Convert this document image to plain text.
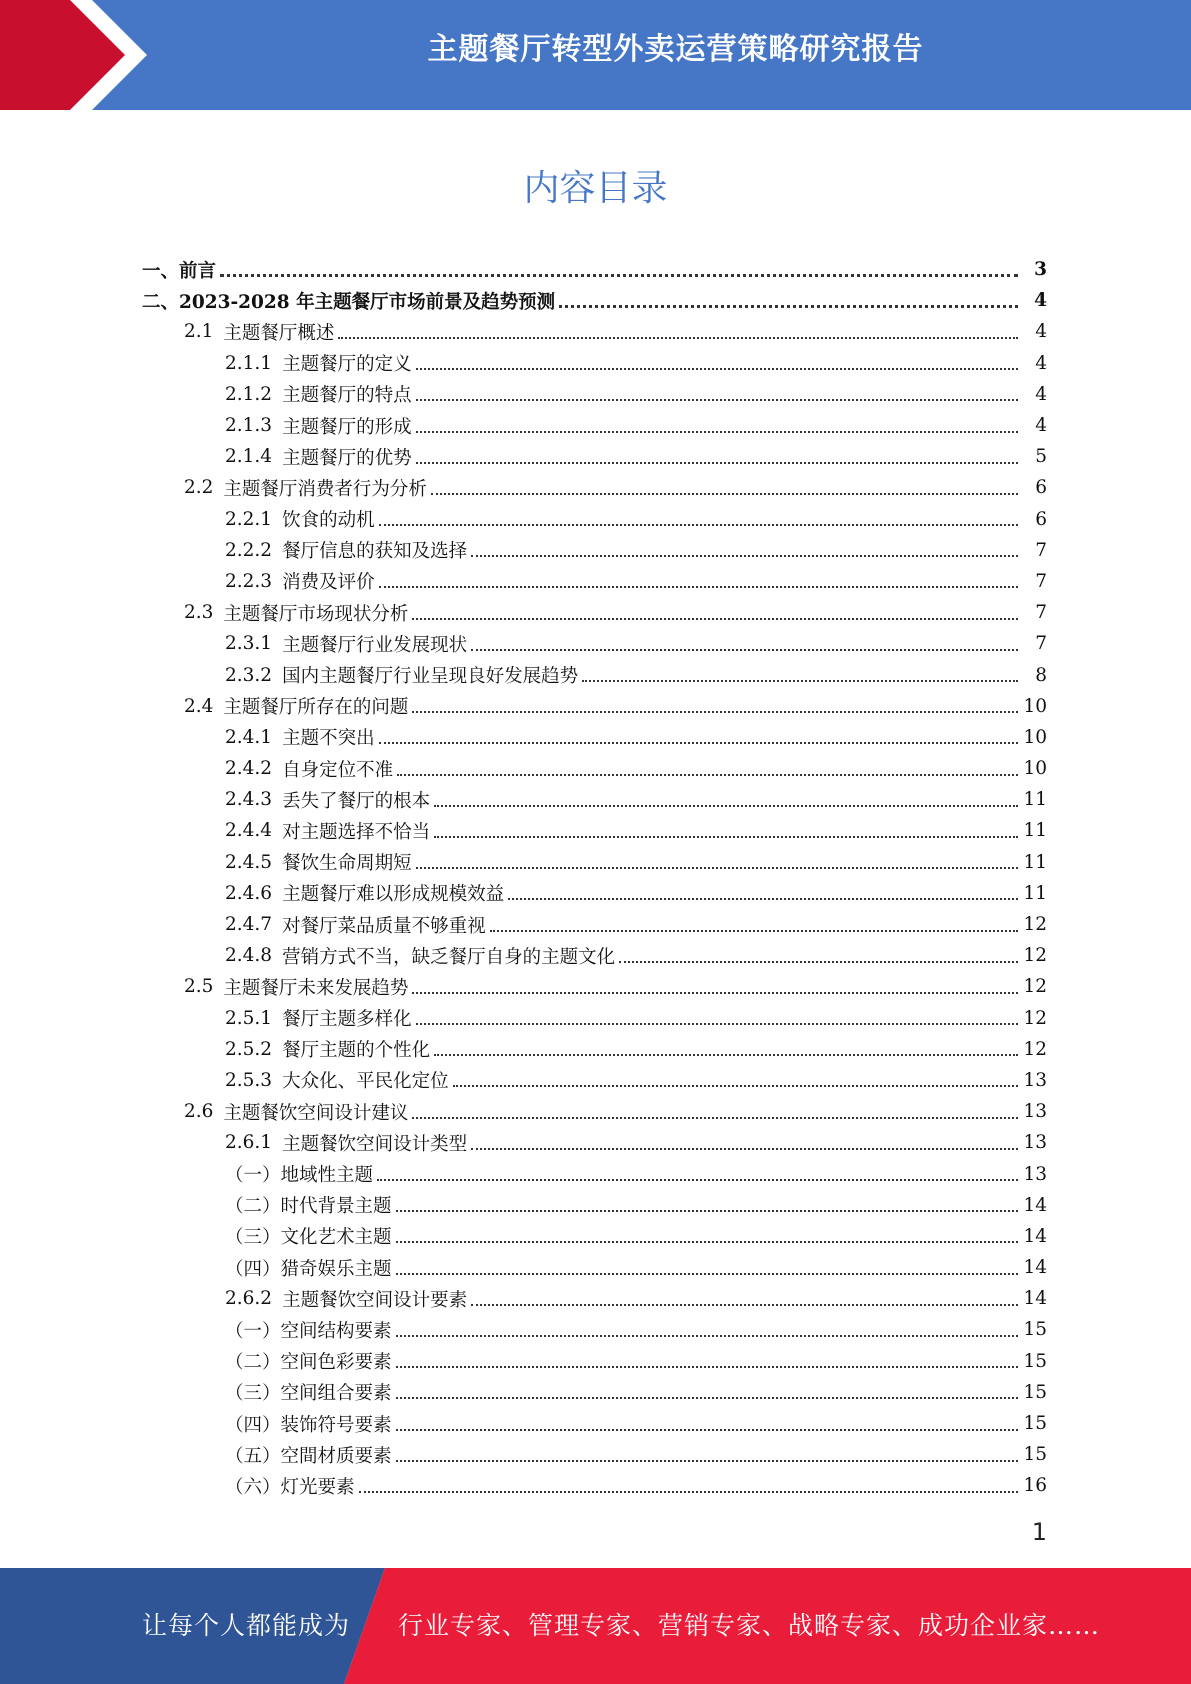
主题餐厅转型外卖运营策略研究报告
内容目录
一、前言	3
二、2023-2028 年主题餐厅市场前景及趋势预测	4
2.1 主题餐厅概述	4
2.1.1 主题餐厅的定义	4
2.1.2 主题餐厅的特点	4
2.1.3 主题餐厅的形成	4
2.1.4 主题餐厅的优势	5
2.2 主题餐厅消费者行为分析	6
2.2.1 饮食的动机	6
2.2.2 餐厅信息的获知及选择	7
2.2.3 消费及评价	7
2.3 主题餐厅市场现状分析	7
2.3.1 主题餐厅行业发展现状	7
2.3.2 国内主题餐厅行业呈现良好发展趋势	8
2.4 主题餐厅所存在的问题	10
2.4.1 主题不突出	10
2.4.2 自身定位不准	10
2.4.3 丢失了餐厅的根本	11
2.4.4 对主题选择不恰当	11
2.4.5 餐饮生命周期短	11
2.4.6 主题餐厅难以形成规模效益	11
2.4.7 对餐厅菜品质量不够重视	12
2.4.8 营销方式不当，缺乏餐厅自身的主题文化	12
2.5 主题餐厅未来发展趋势	12
2.5.1 餐厅主题多样化	12
2.5.2 餐厅主题的个性化	12
2.5.3 大众化、平民化定位	13
2.6 主题餐饮空间设计建议	13
2.6.1 主题餐饮空间设计类型	13
（一）地域性主题	13
（二）时代背景主题	14
（三）文化艺术主题	14
（四）猎奇娱乐主题	14
2.6.2 主题餐饮空间设计要素	14
（一）空间结构要素	15
（二）空间色彩要素	15
（三）空间组合要素	15
（四）装饰符号要素	15
（五）空間材质要素	15
（六）灯光要素	16
1
让每个人都能成为 行业专家、管理专家、营销专家、战略专家、成功企业家……
